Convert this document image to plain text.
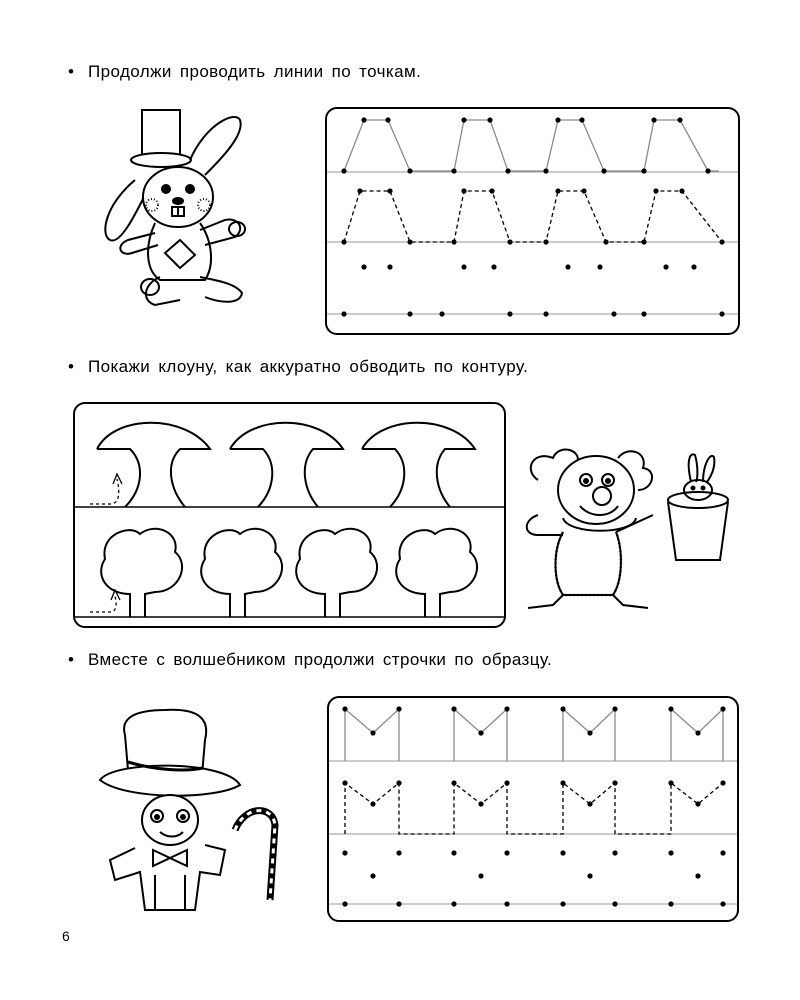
• Продолжи проводить линии по точкам.
• Покажи клоуну, как аккуратно обводить по контуру.
• Вместе с волшебником продолжи строчки по образцу.
6
